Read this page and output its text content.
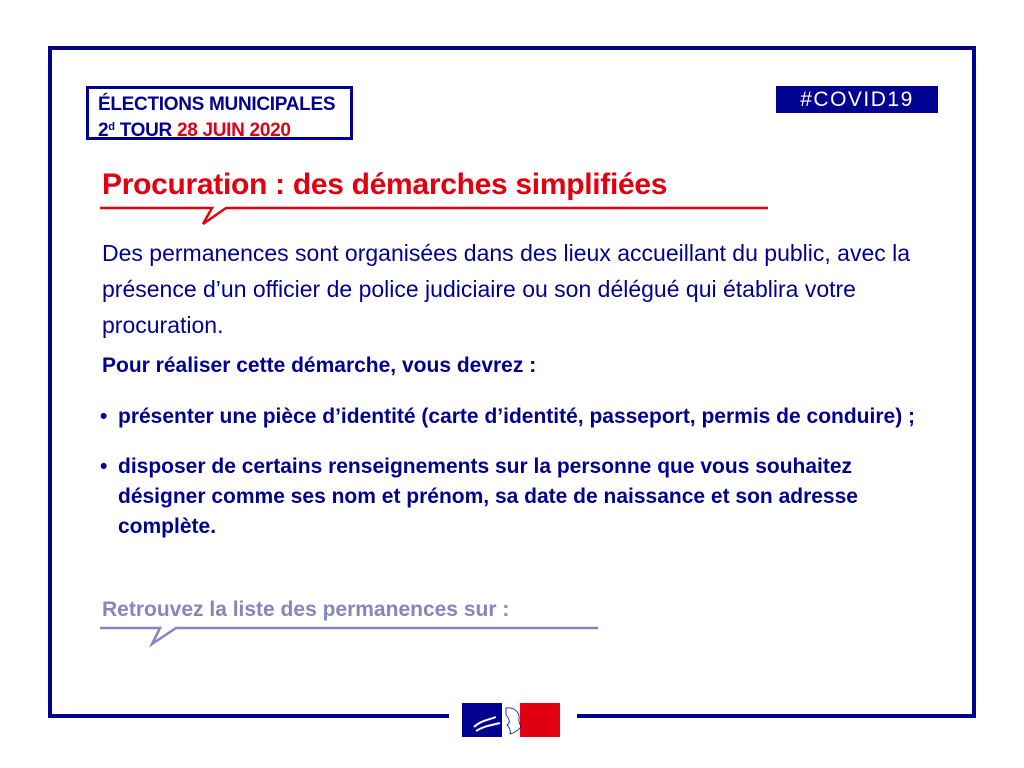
ÉLECTIONS MUNICIPALES
2$^d$ TOUR 28 JUIN 2020
#COVID19
Procuration : des démarches simplifiées

Des permanences sont organisées dans des lieux accueillant du public, avec la présence d’un officier de police judiciaire ou son délégué qui établira votre procuration.

Pour réaliser cette démarche, vous devrez :

• présenter une pièce d’identité (carte d’identité, passeport, permis de conduire) ;
• disposer de certains renseignements sur la personne que vous souhaitez désigner comme ses nom et prénom, sa date de naissance et son adresse complète.

Retrouvez la liste des permanences sur :
